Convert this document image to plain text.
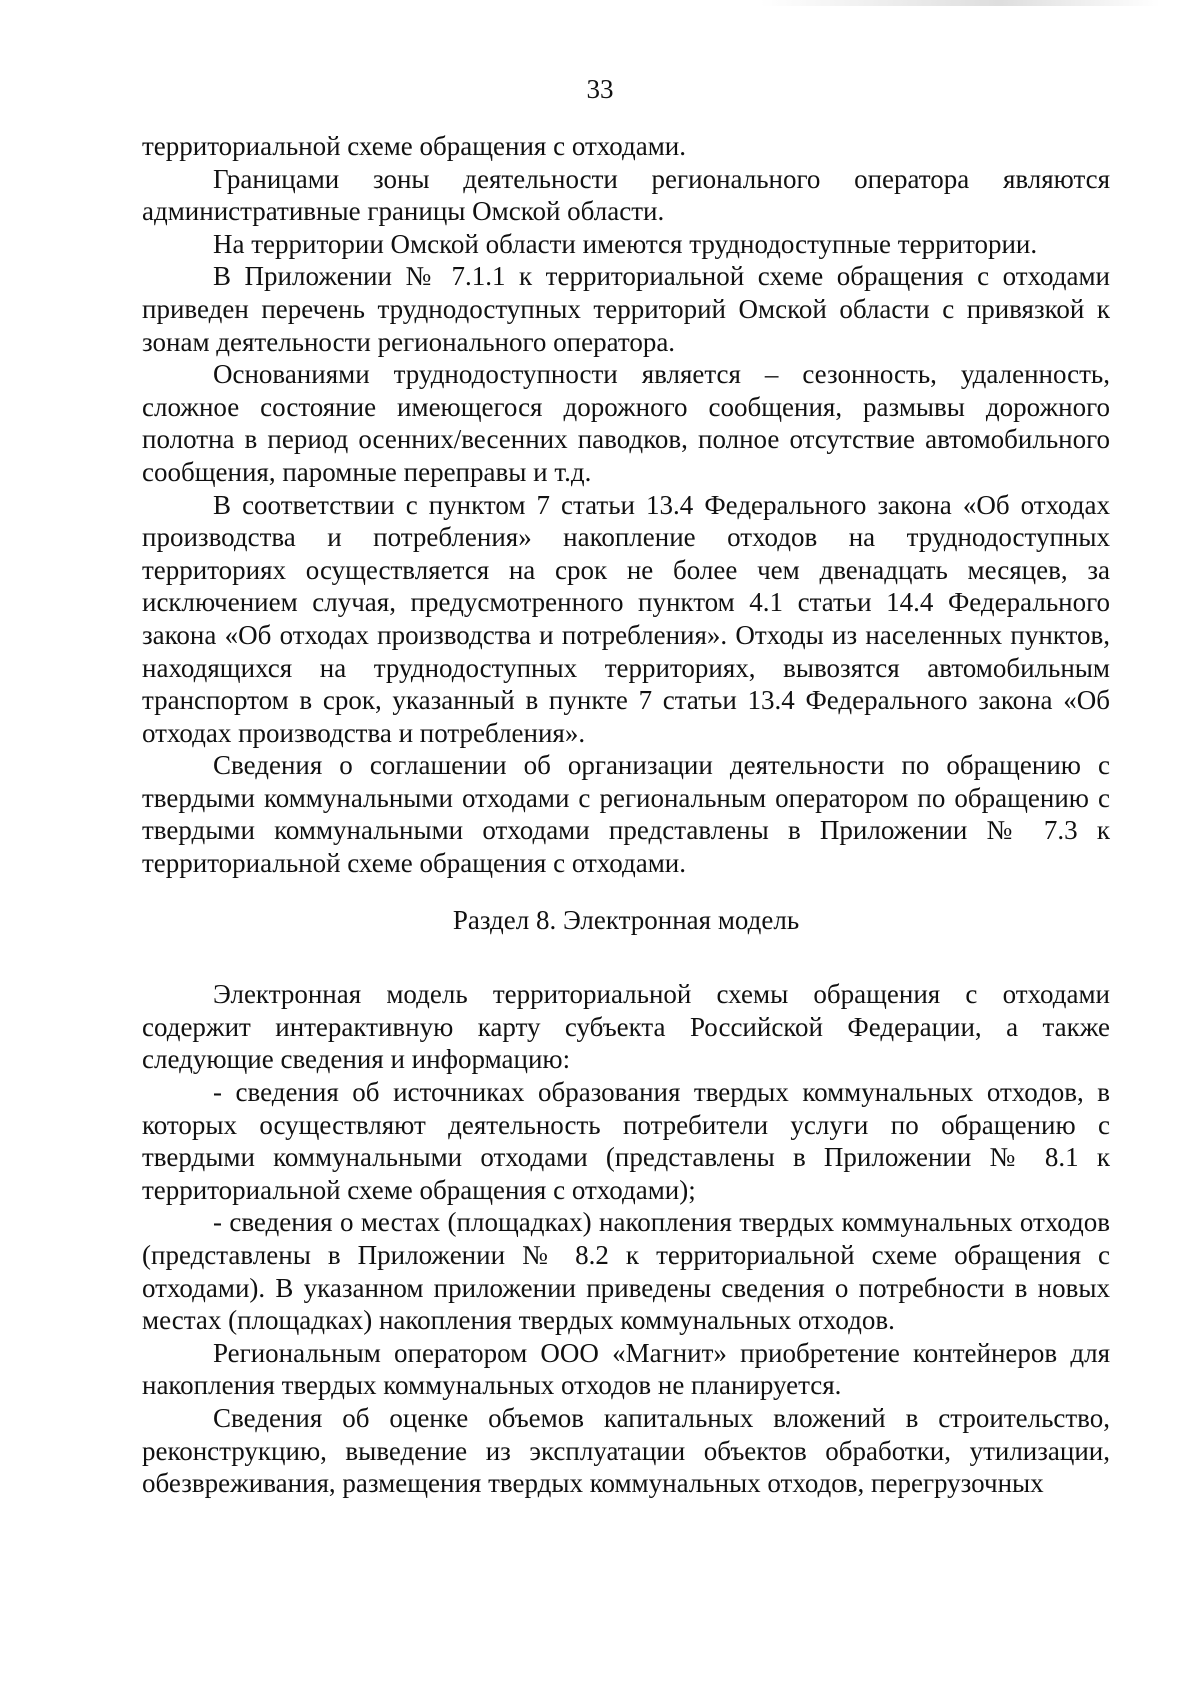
33

территориальной схеме обращения с отходами.

Границами зоны деятельности регионального оператора являются административные границы Омской области.

На территории Омской области имеются труднодоступные территории.

В Приложении № 7.1.1 к территориальной схеме обращения с отходами приведен перечень труднодоступных территорий Омской области с привязкой к зонам деятельности регионального оператора.

Основаниями труднодоступности является – сезонность, удаленность, сложное состояние имеющегося дорожного сообщения, размывы дорожного полотна в период осенних/весенних паводков, полное отсутствие автомобильного сообщения, паромные переправы и т.д.

В соответствии с пунктом 7 статьи 13.4 Федерального закона «Об отходах производства и потребления» накопление отходов на труднодоступных территориях осуществляется на срок не более чем двенадцать месяцев, за исключением случая, предусмотренного пунктом 4.1 статьи 14.4 Федерального закона «Об отходах производства и потребления». Отходы из населенных пунктов, находящихся на труднодоступных территориях, вывозятся автомобильным транспортом в срок, указанный в пункте 7 статьи 13.4 Федерального закона «Об отходах производства и потребления».

Сведения о соглашении об организации деятельности по обращению с твердыми коммунальными отходами с региональным оператором по обращению с твердыми коммунальными отходами представлены в Приложении № 7.3 к территориальной схеме обращения с отходами.

Раздел 8. Электронная модель

Электронная модель территориальной схемы обращения с отходами содержит интерактивную карту субъекта Российской Федерации, а также следующие сведения и информацию:

- сведения об источниках образования твердых коммунальных отходов, в которых осуществляют деятельность потребители услуги по обращению с твердыми коммунальными отходами (представлены в Приложении № 8.1 к территориальной схеме обращения с отходами);

- сведения о местах (площадках) накопления твердых коммунальных отходов (представлены в Приложении № 8.2 к территориальной схеме обращения с отходами). В указанном приложении приведены сведения о потребности в новых местах (площадках) накопления твердых коммунальных отходов.

Региональным оператором ООО «Магнит» приобретение контейнеров для накопления твердых коммунальных отходов не планируется.

Сведения об оценке объемов капитальных вложений в строительство, реконструкцию, выведение из эксплуатации объектов обработки, утилизации, обезвреживания, размещения твердых коммунальных отходов, перегрузочных
